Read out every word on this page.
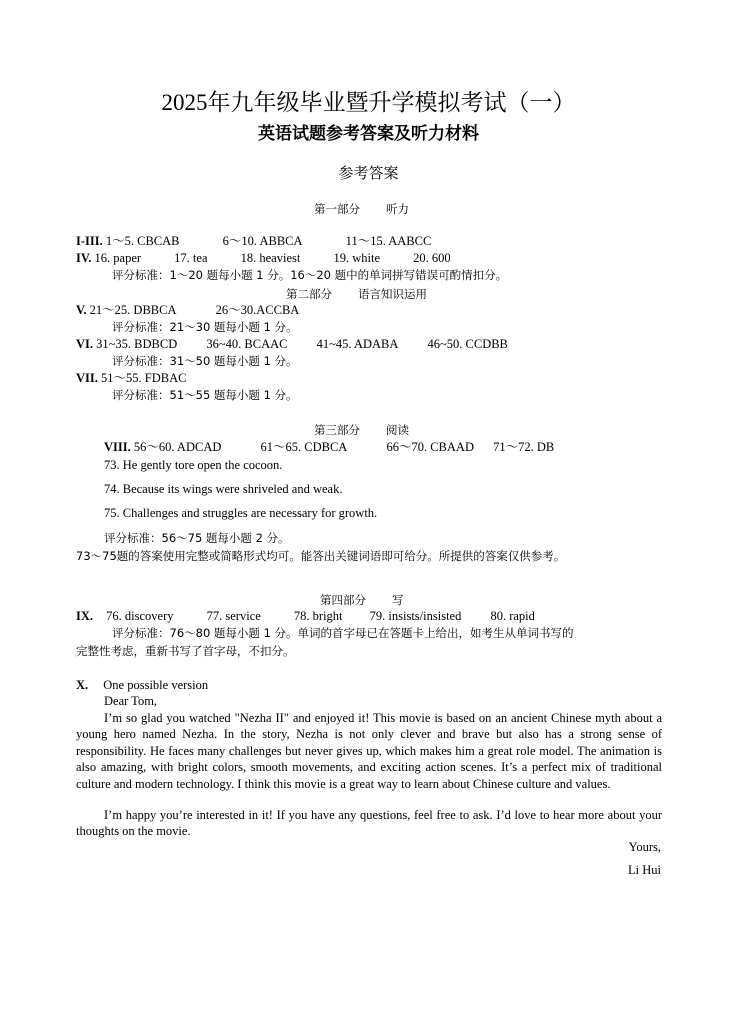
2025年九年级毕业暨升学模拟考试（一）
英语试题参考答案及听力材料
参考答案
第一部分 听力
I-III. 1～5. CBCAB	6～10. ABBCA	11～15. AABCC
IV. 16. paper	17. tea	18. heaviest	19. white	20. 600
评分标准：1～20 题每小题 1 分。16～20 题中的单词拼写错误可酌情扣分。
第二部分 语言知识运用
V. 21～25. DBBCA	26～30.ACCBA
评分标准：21～30 题每小题 1 分。
VI. 31~35. BDBCD 36~40. BCAAC 41~45. ADABA 46~50. CCDBB
评分标准：31～50 题每小题 1 分。
VII. 51～55. FDBAC
评分标准：51～55 题每小题 1 分。
第三部分 阅读
VIII. 56～60. ADCAD	61～65. CDBCA	66～70. CBAAD 71～72. DB
73. He gently tore open the cocoon.
74. Because its wings were shriveled and weak.
75. Challenges and struggles are necessary for growth.
评分标准：56～75 题每小题 2 分。
73～75题的答案使用完整或简略形式均可。能答出关键词语即可给分。所提供的答案仅供参考。
第四部分 写
IX. 76. discovery	77. service	78. bright 79. insists/insisted 80. rapid
评分标准：76～80 题每小题 1 分。单词的首字母已在答题卡上给出，如考生从单词书写的
完整性考虑，重新书写了首字母，不扣分。
X. One possible version
Dear Tom,
I’m so glad you watched "Nezha II" and enjoyed it! This movie is based on an ancient Chinese myth about a young hero named Nezha. In the story, Nezha is not only clever and brave but also has a strong sense of responsibility. He faces many challenges but never gives up, which makes him a great role model. The animation is also amazing, with bright colors, smooth movements, and exciting action scenes. It’s a perfect mix of traditional culture and modern technology. I think this movie is a great way to learn about Chinese culture and values.
I’m happy you’re interested in it! If you have any questions, feel free to ask. I’d love to hear more about your thoughts on the movie.
Yours,
Li Hui
